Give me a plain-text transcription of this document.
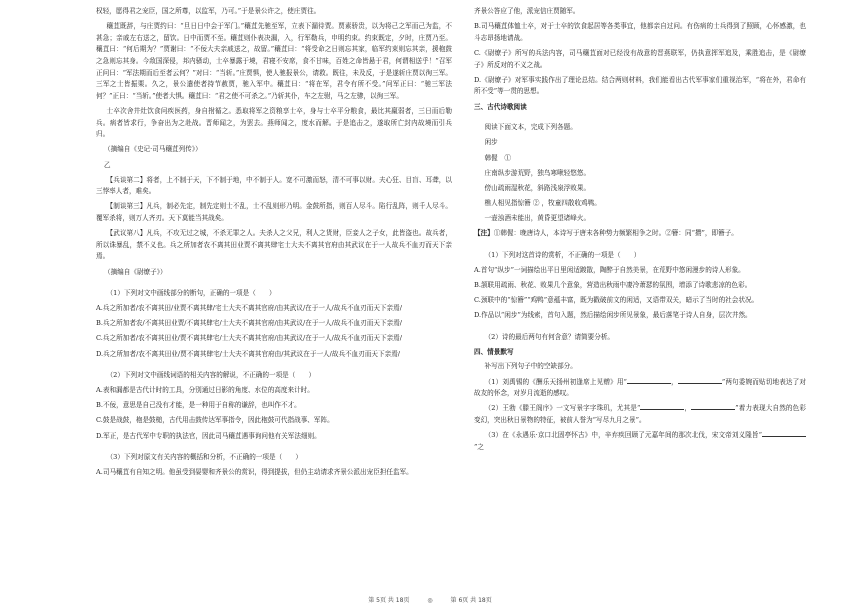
权轻，愿得君之宠臣，国之所尊，以监军，乃可。”于是景公许之，使庄贾往。

穰苴既辞，与庄贾约曰：“旦日日中会于军门。”穰苴先驰至军，立表下漏待贾。贾素骄贵，以为将己之军而己为监，不甚急；亲戚左右送之，留饮。日中而贾不至。穰苴则仆表决漏，入，行军勒兵，申明约束。约束既定，夕时，庄贾乃至。穰苴曰：“何后期为？”贾谢曰：“不佞大夫亲戚送之，故留。”穰苴曰：“将受命之日则忘其家，临军约束则忘其亲，援枹鼓之急则忘其身。今敌国深侵，邦内骚动，士卒暴露于境，君寝不安席，食不甘味，百姓之命皆悬于君，何谓相送乎！”召军正问曰：“军法期而后至者云何？”对曰：“当斩。”庄贾惧，使人驰报景公，请救。既往，未及反，于是遂斩庄贾以徇三军。三军之士皆振栗。久之，景公遣使者持节赦贾，驰入军中。穰苴曰：“将在军，君令有所不受。”问军正曰：“驰三军法何？”正曰：“当斩。”使者大惧。穰苴曰：“君之使不可杀之。”乃斩其仆，车之左驸，马之左骖，以徇三军。

士卒次舍井灶饮食问疾医药，身自拊循之。悉取将军之资粮享士卒，身与士卒平分粮食，最比其羸弱者，三日而后勒兵。病者皆求行，争奋出为之赴战。晋师闻之，为罢去。燕师闻之，度水而解。于是追击之，遂取所亡封内故境而引兵归。

（摘编自《史记·司马穰苴列传》）

乙

【兵谈第二】将者，上不制于天，下不制于地，中不制于人。宽不可激而怒，清不可事以财。夫心狂、目盲、耳聋，以三悖率人者，难矣。

【制谈第三】凡兵，制必先定，制先定则士不乱，士不乱则形乃明。金鼓所指，则百人尽斗。陷行乱阵，则千人尽斗。覆军杀将，则万人齐刃。天下莫能当其战矣。

【武议第八】凡兵，不攻无过之城，不杀无罪之人。夫杀人之父兄，利人之货财，臣妾人之子女，此皆盗也。故兵者，所以诛暴乱，禁不义也。兵之所加者农不离其田业贾不离其肆宅士大夫不离其官府由其武议在于一人故兵不血刃而天下亲焉。

（摘编自《尉缭子》）

（1）下列对文中画线部分的断句，正确的一项是（　　）

A.兵之所加者/农不离其田/业贾不离其肆/宅士大夫不离其官府/由其武议/在于一人/故兵不血刃而天下亲焉/

B.兵之所加者农/不离其田业贾/不离其肆宅/士大夫不离其官府/由其武议/在于一人/故兵不血刃而天下亲焉/

C.兵之所加者/农不离其田业/贾不离其肆宅/士大夫不离其官府/由其武议/在于一人/故兵不血刃而天下亲焉/

D.兵之所加者/农不离其田业/贾不离其肆宅/士大夫不离其官府由/其武议在于一人/故兵不血刃而天下亲焉/

（2）下列对文中画线词语的相关内容的解说，不正确的一项是（　　）

A.表和漏都是古代计时的工具，分别通过日影的角度、水位的高度来计时。

B.不佞，意思是自己没有才能，是一种用于自称的谦辞，也叫作不才。

C.鼓是战鼓，枹是鼓槌，古代用击鼓传达军事指令，因此枹鼓可代指战事、军阵。

D.军正，是古代军中专职的执法官，因此司马穰苴遇事询问他有关军法细则。

（3）下列对原文有关内容的概括和分析，不正确的一项是（　　）

A.司马穰苴有自知之明。他虽受到晏婴和齐景公的赏识，得到提拔，但仍主动请求齐景公派出宠臣担任监军。

齐景公答应了他，派宠信庄贾随军。

B.司马穰苴体恤士卒，对于士卒的饮食起居等各类事宜，他都亲自过问。有伤病的士兵得到了照顾，心怀感激，也斗志昂扬地请战。

C.《尉缭子》所写的兵法内容，司马穰苴面对已经没有战意的晋燕联军，仍执意挥军追及，乘胜追击，是《尉缭子》所反对的不义之战。

D.《尉缭子》对军事实践作出了理论总结。结合两则材料，我们能看出古代军事家们重视治军，“将在外，君命有所不受”等一贯的思想。

三、古代诗歌阅读

阅读下面文本，完成下列各题。

闲步

韩偓　 ①

庄南纵步游荒野，独鸟寒啾轻悠悠。

傍山疏雨湿秋花，斜路浅泉浮败果。

樵人相见指惊簪 ② ，牧童四散收鸡鸭。

一壶浊酒未能出，黄昏更望诸峰火。

【注】①韩偓：晚唐诗人，本诗写于唐末各种势力频繁相争之时。②簪：同“攒”，即簪子。

（1）下列对这首诗的赏析，不正确的一项是（　　）

A.首句“纵步”一词描绘出平日里闲适踱散，陶醉于自然美景，在荒野中悠闲漫步的诗人形象。

B.颔联用疏雨、秋花、败果几个意象，营造出秋雨中凄冷萧瑟的氛围，增添了诗歌悲凉的色彩。

C.颈联中的“惊簪”“鸡鸭”意蕴丰富，既为戳破前文的闲适，又语带双关，暗示了当时的社会状况。

D.作品以“闲步”为线索，首句入题，然后描绘闲步所见景象，最后落笔于诗人自身，层次井然。

（2）诗的最后两句有何含意？请简要分析。

四、情景默写

补写出下列句子中的空缺部分。

（1）刘禹锡的《酬乐天扬州初逢席上见赠》用“	，	”两句委婉而贴切地表达了对故友的怀念，对岁月流逝的感叹。

（2）王勃《滕王阁序》一文写景字字珠玑，尤其是“	，	”着力表现大自然的色彩变幻，突出秋日景物的特征，被前人誉为“写尽九月之景”。

（3）在《永遇乐·京口北固亭怀古》中，辛弃疾回顾了元嘉年间的那次北伐，宋文帝刘义隆旨“”之

第 5页 共 18页	◎	第 6页 共 18页
